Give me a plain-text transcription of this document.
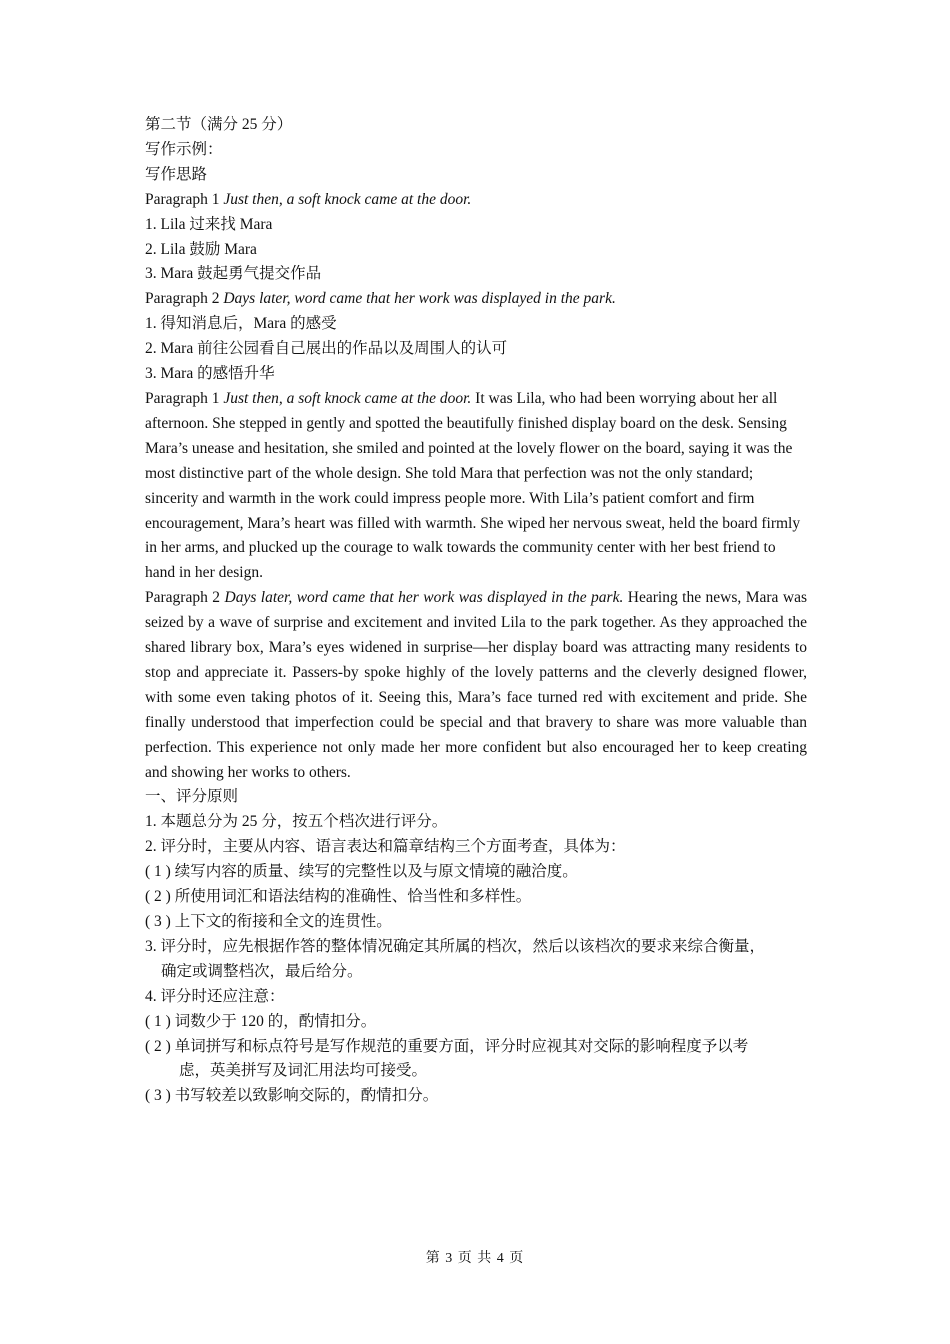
第二节（满分 25 分）
写作示例：
写作思路
Paragraph 1 Just then, a soft knock came at the door.
1. Lila 过来找 Mara
2. Lila 鼓励 Mara
3. Mara 鼓起勇气提交作品
Paragraph 2 Days later, word came that her work was displayed in the park.
1. 得知消息后，Mara 的感受
2. Mara 前往公园看自己展出的作品以及周围人的认可
3. Mara 的感悟升华
Paragraph 1 Just then, a soft knock came at the door. It was Lila, who had been worrying about her all afternoon. She stepped in gently and spotted the beautifully finished display board on the desk. Sensing Mara’s unease and hesitation, she smiled and pointed at the lovely flower on the board, saying it was the most distinctive part of the whole design. She told Mara that perfection was not the only standard; sincerity and warmth in the work could impress people more. With Lila’s patient comfort and firm encouragement, Mara’s heart was filled with warmth. She wiped her nervous sweat, held the board firmly in her arms, and plucked up the courage to walk towards the community center with her best friend to hand in her design.
Paragraph 2 Days later, word came that her work was displayed in the park. Hearing the news, Mara was seized by a wave of surprise and excitement and invited Lila to the park together. As they approached the shared library box, Mara’s eyes widened in surprise—her display board was attracting many residents to stop and appreciate it. Passers-by spoke highly of the lovely patterns and the cleverly designed flower, with some even taking photos of it. Seeing this, Mara’s face turned red with excitement and pride. She finally understood that imperfection could be special and that bravery to share was more valuable than perfection. This experience not only made her more confident but also encouraged her to keep creating and showing her works to others.
一、评分原则
1. 本题总分为 25 分，按五个档次进行评分。
2. 评分时，主要从内容、语言表达和篇章结构三个方面考查，具体为：
( 1 ) 续写内容的质量、续写的完整性以及与原文情境的融洽度。
( 2 ) 所使用词汇和语法结构的准确性、恰当性和多样性。
( 3 ) 上下文的衔接和全文的连贯性。
3. 评分时，应先根据作答的整体情况确定其所属的档次，然后以该档次的要求来综合衡量，
确定或调整档次，最后给分。
4. 评分时还应注意：
( 1 ) 词数少于 120 的，酌情扣分。
( 2 ) 单词拼写和标点符号是写作规范的重要方面，评分时应视其对交际的影响程度予以考
虑，英美拼写及词汇用法均可接受。
( 3 ) 书写较差以致影响交际的，酌情扣分。
第 3 页 共 4 页
